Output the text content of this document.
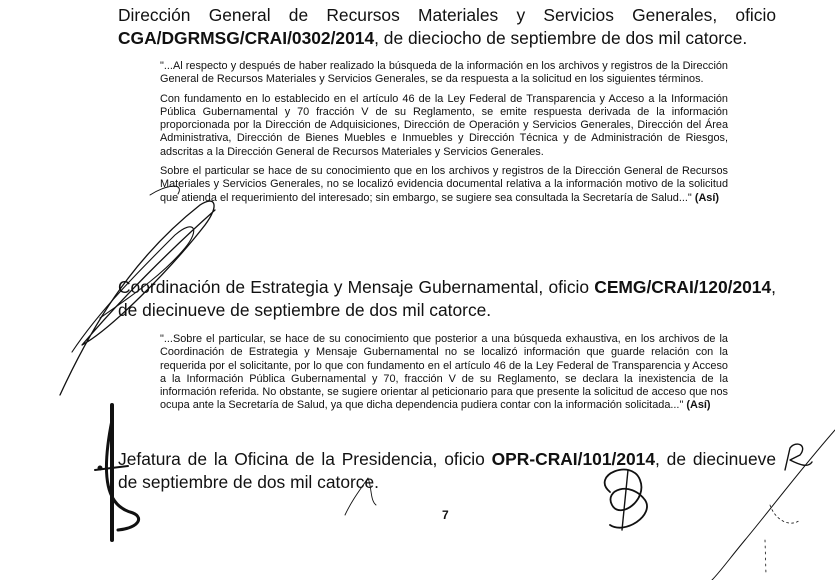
Dirección General de Recursos Materiales y Servicios Generales, oficio CGA/DGRMSG/CRAI/0302/2014, de dieciocho de septiembre de dos mil catorce.

"...Al respecto y después de haber realizado la búsqueda de la información en los archivos y registros de la Dirección General de Recursos Materiales y Servicios Generales, se da respuesta a la solicitud en los siguientes términos.

Con fundamento en lo establecido en el artículo 46 de la Ley Federal de Transparencia y Acceso a la Información Pública Gubernamental y 70 fracción V de su Reglamento, se emite respuesta derivada de la información proporcionada por la Dirección de Adquisiciones, Dirección de Operación y Servicios Generales, Dirección del Área Administrativa, Dirección de Bienes Muebles e Inmuebles y Dirección Técnica y de Administración de Riesgos, adscritas a la Dirección General de Recursos Materiales y Servicios Generales.

Sobre el particular se hace de su conocimiento que en los archivos y registros de la Dirección General de Recursos Materiales y Servicios Generales, no se localizó evidencia documental relativa a la información motivo de la solicitud que atienda el requerimiento del interesado; sin embargo, se sugiere sea consultada la Secretaría de Salud..." (Así)

Coordinación de Estrategia y Mensaje Gubernamental, oficio CEMG/CRAI/120/2014, de diecinueve de septiembre de dos mil catorce.

"...Sobre el particular, se hace de su conocimiento que posterior a una búsqueda exhaustiva, en los archivos de la Coordinación de Estrategia y Mensaje Gubernamental no se localizó información que guarde relación con la requerida por el solicitante, por lo que con fundamento en el artículo 46 de la Ley Federal de Transparencia y Acceso a la Información Pública Gubernamental y 70, fracción V de su Reglamento, se declara la inexistencia de la información referida. No obstante, se sugiere orientar al peticionario para que presente la solicitud de acceso que nos ocupa ante la Secretaría de Salud, ya que dicha dependencia pudiera contar con la información solicitada..." (Así)

Jefatura de la Oficina de la Presidencia, oficio OPR-CRAI/101/2014, de diecinueve de septiembre de dos mil catorce.
7
